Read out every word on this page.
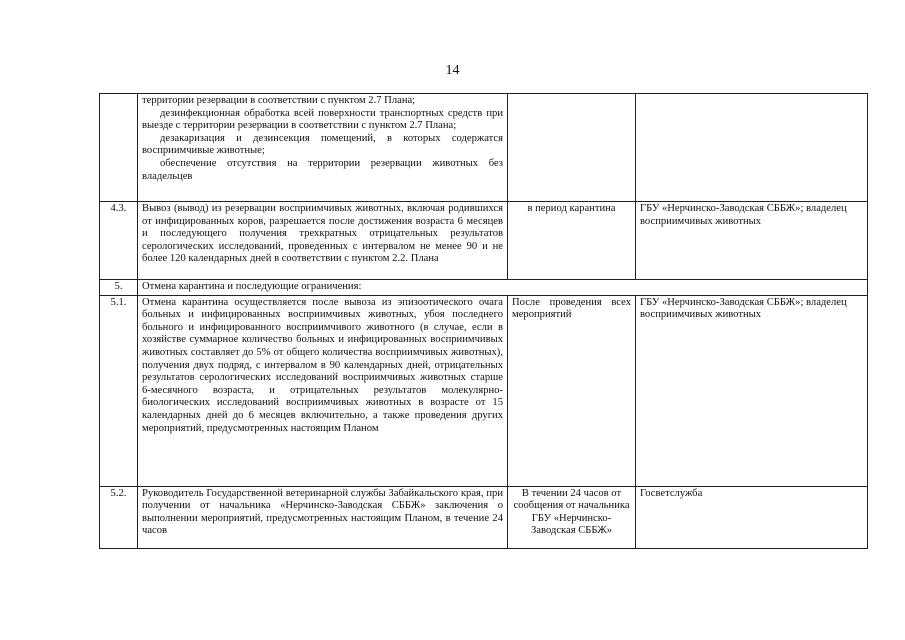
14

	территории резервации в соответствии с пунктом 2.7 Плана;

дезинфекционная обработка всей поверхности транспортных средств при выезде с территории резервации в соответствии с пунктом 2.7 Плана;

дезакаризация и дезинсекция помещений, в которых содержатся восприимчивые животные;

обеспечение отсутствия на территории резервации животных без владельцев		

4.3.	Вывоз (вывод) из резервации восприимчивых животных, включая родившихся от инфицированных коров, разрешается после достижения возраста 6 месяцев и последующего получения трехкратных отрицательных результатов серологических исследований, проведенных с интервалом не менее 90 и не более 120 календарных дней в соответствии с пунктом 2.2. Плана	в период карантина	ГБУ «Нерчинско-Заводская СББЖ»; владелец восприимчивых животных
5.	Отмена карантина и последующие ограничения:		
5.1.	Отмена карантина осуществляется после вывоза из эпизоотического очага больных и инфицированных восприимчивых животных, убоя последнего больного и инфицированного восприимчивого животного (в случае, если в хозяйстве суммарное количество больных и инфицированных восприимчивых животных составляет до 5% от общего количества восприимчивых животных), получения двух подряд, с интервалом в 90 календарных дней, отрицательных результатов серологических исследований восприимчивых животных старше 6-месячного возраста, и отрицательных результатов молекулярно-биологических исследований восприимчивых животных в возрасте от 15 календарных дней до 6 месяцев включительно, а также проведения других мероприятий, предусмотренных настоящим Планом	После проведения всех мероприятий	ГБУ «Нерчинско-Заводская СББЖ»; владелец восприимчивых животных
5.2.	Руководитель Государственной ветеринарной службы Забайкальского края, при получении от начальника «Нерчинско-Заводская СББЖ» заключения о выполнении мероприятий, предусмотренных настоящим Планом, в течение 24 часов	В течении 24 часов от сообщения от начальника ГБУ «Нерчинско-Заводская СББЖ»	Госветслужба
